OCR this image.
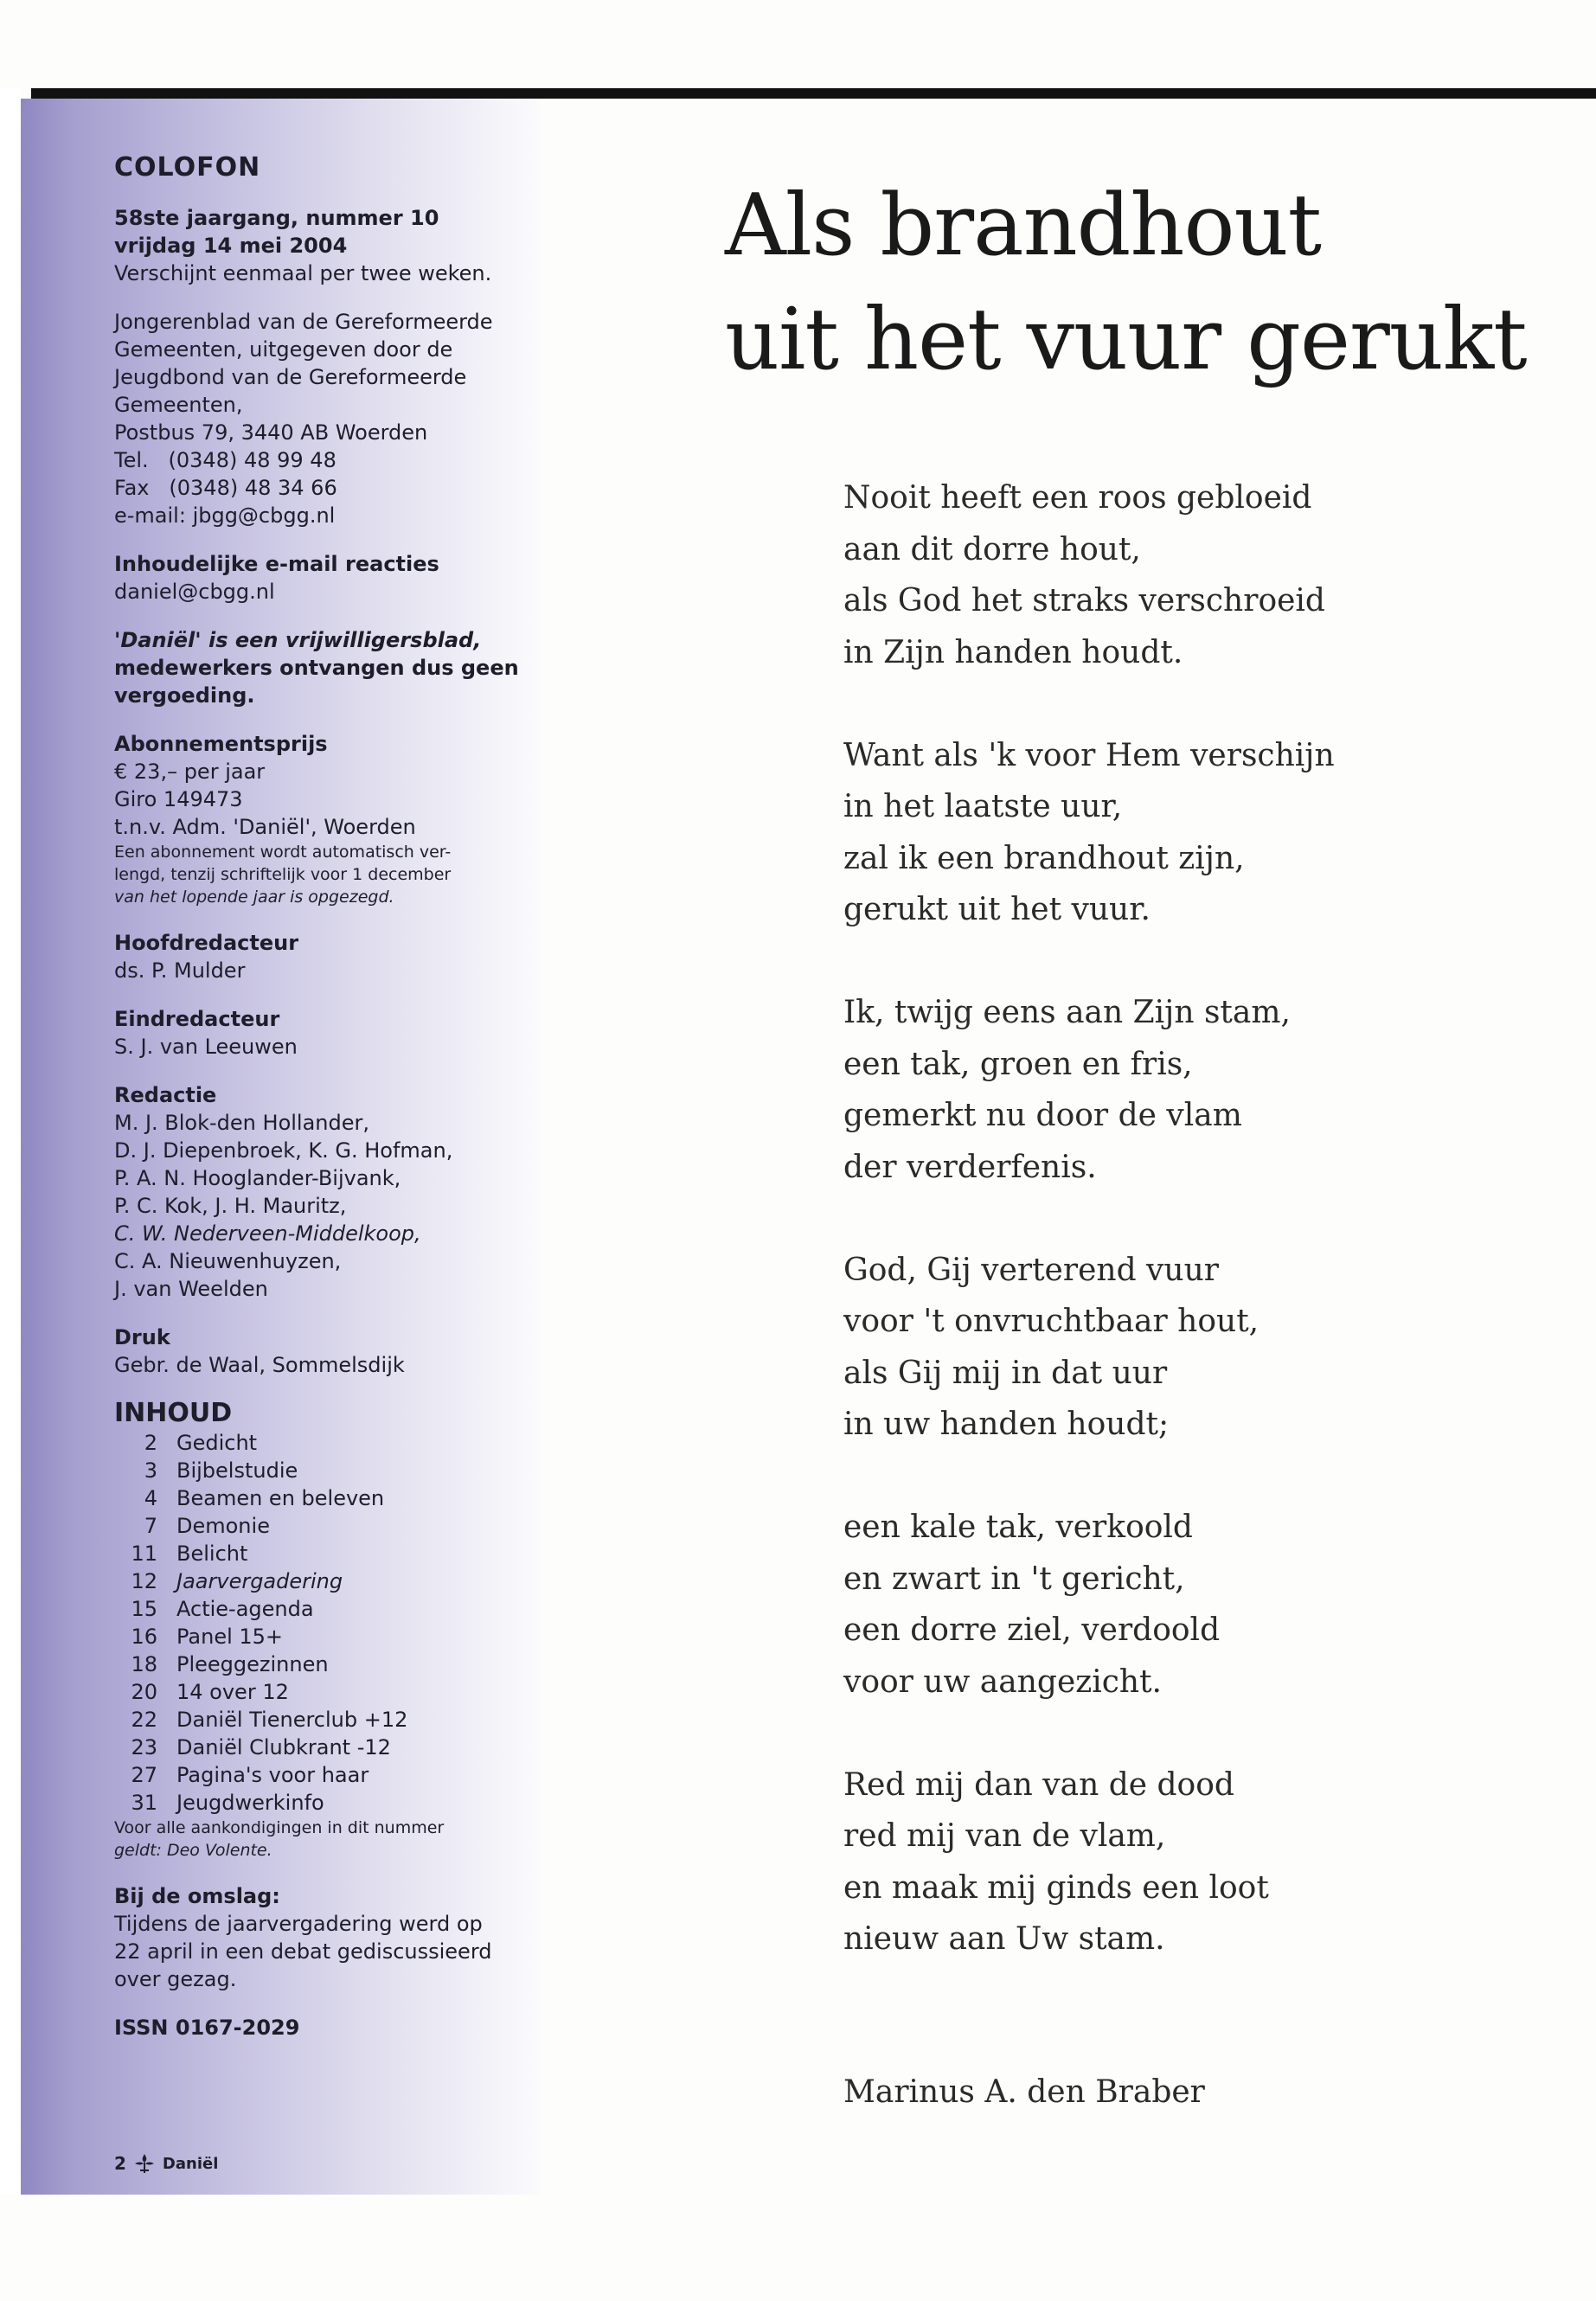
COLOFON
58ste jaargang, nummer 10
vrijdag 14 mei 2004
Verschijnt eenmaal per twee weken.
Jongerenblad van de Gereformeerde
Gemeenten, uitgegeven door de
Jeugdbond van de Gereformeerde
Gemeenten,
Postbus 79, 3440 AB Woerden
Tel.   (0348) 48 99 48
Fax   (0348) 48 34 66
e-mail: jbgg@cbgg.nl
Inhoudelijke e-mail reacties
daniel@cbgg.nl
'Daniël' is een vrijwilligersblad,
medewerkers ontvangen dus geen
vergoeding.
Abonnementsprijs
€ 23,– per jaar
Giro 149473
t.n.v. Adm. 'Daniël', Woerden
Een abonnement wordt automatisch ver-
lengd, tenzij schriftelijk voor 1 december
van het lopende jaar is opgezegd.
Hoofdredacteur
ds. P. Mulder
Eindredacteur
S. J. van Leeuwen
Redactie
M. J. Blok-den Hollander,
D. J. Diepenbroek, K. G. Hofman,
P. A. N. Hooglander-Bijvank,
P. C. Kok, J. H. Mauritz,
C. W. Nederveen-Middelkoop,
C. A. Nieuwenhuyzen,
J. van Weelden
Druk
Gebr. de Waal, Sommelsdijk
INHOUD
2 Gedicht
3 Bijbelstudie
4 Beamen en beleven
7 Demonie
11 Belicht
12 Jaarvergadering
15 Actie-agenda
16 Panel 15+
18 Pleeggezinnen
20 14 over 12
22 Daniël Tienerclub +12
23 Daniël Clubkrant -12
27 Pagina's voor haar
31 Jeugdwerkinfo
Voor alle aankondigingen in dit nummer
geldt: Deo Volente.
Bij de omslag:
Tijdens de jaarvergadering werd op
22 april in een debat gediscussieerd
over gezag.
ISSN 0167-2029
2 Daniël
Als brandhout
uit het vuur gerukt
Nooit heeft een roos gebloeid
aan dit dorre hout,
als God het straks verschroeid
in Zijn handen houdt.
Want als 'k voor Hem verschijn
in het laatste uur,
zal ik een brandhout zijn,
gerukt uit het vuur.
Ik, twijg eens aan Zijn stam,
een tak, groen en fris,
gemerkt nu door de vlam
der verderfenis.
God, Gij verterend vuur
voor 't onvruchtbaar hout,
als Gij mij in dat uur
in uw handen houdt;
een kale tak, verkoold
en zwart in 't gericht,
een dorre ziel, verdoold
voor uw aangezicht.
Red mij dan van de dood
red mij van de vlam,
en maak mij ginds een loot
nieuw aan Uw stam.
Marinus A. den Braber
